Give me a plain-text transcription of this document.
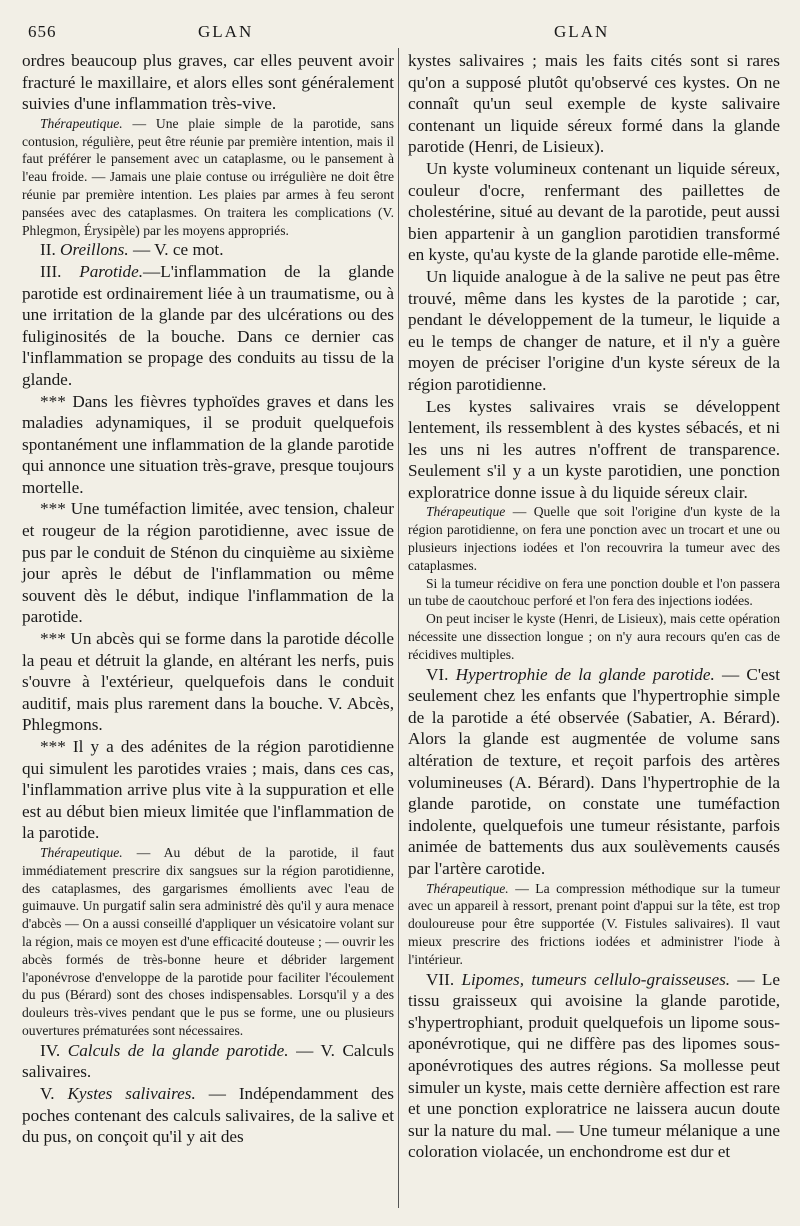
656	GLAN	GLAN

ordres beaucoup plus graves, car elles peuvent avoir fracturé le maxillaire, et alors elles sont généralement suivies d'une inflammation très-vive.

Thérapeutique. — Une plaie simple de la parotide, sans contusion, régulière, peut être réunie par première intention, mais il faut préférer le pansement avec un cataplasme, ou le pansement à l'eau froide. — Jamais une plaie contuse ou irrégulière ne doit être réunie par première intention. Les plaies par armes à feu seront pansées avec des cataplasmes. On traitera les complications (V. Phlegmon, Érysipèle) par les moyens appropriés.

II. Oreillons. — V. ce mot.

III. Parotide.—L'inflammation de la glande parotide est ordinairement liée à un traumatisme, ou à une irritation de la glande par des ulcérations ou des fuliginosités de la bouche. Dans ce dernier cas l'inflammation se propage des conduits au tissu de la glande.

*** Dans les fièvres typhoïdes graves et dans les maladies adynamiques, il se produit quelquefois spontanément une inflammation de la glande parotide qui annonce une situation très-grave, presque toujours mortelle.

*** Une tuméfaction limitée, avec tension, chaleur et rougeur de la région parotidienne, avec issue de pus par le conduit de Sténon du cinquième au sixième jour après le début de l'inflammation ou même souvent dès le début, indique l'inflammation de la parotide.

*** Un abcès qui se forme dans la parotide décolle la peau et détruit la glande, en altérant les nerfs, puis s'ouvre à l'extérieur, quelquefois dans le conduit auditif, mais plus rarement dans la bouche. V. Abcès, Phlegmons.

*** Il y a des adénites de la région parotidienne qui simulent les parotides vraies ; mais, dans ces cas, l'inflammation arrive plus vite à la suppuration et elle est au début bien mieux limitée que l'inflammation de la parotide.

Thérapeutique. — Au début de la parotide, il faut immédiatement prescrire dix sangsues sur la région parotidienne, des cataplasmes, des gargarismes émollients avec l'eau de guimauve. Un purgatif salin sera administré dès qu'il y aura menace d'abcès — On a aussi conseillé d'appliquer un vésicatoire volant sur la région, mais ce moyen est d'une efficacité douteuse ; — ouvrir les abcès formés de très-bonne heure et débrider largement l'aponévrose d'enveloppe de la parotide pour faciliter l'écoulement du pus (Bérard) sont des choses indispensables. Lorsqu'il y a des douleurs très-vives pendant que le pus se forme, une ou plusieurs ouvertures prématurées sont nécessaires.

IV. Calculs de la glande parotide. — V. Calculs salivaires.

V. Kystes salivaires. — Indépendamment des poches contenant des calculs salivaires, de la salive et du pus, on conçoit qu'il y ait des

kystes salivaires ; mais les faits cités sont si rares qu'on a supposé plutôt qu'observé ces kystes. On ne connaît qu'un seul exemple de kyste salivaire contenant un liquide séreux formé dans la glande parotide (Henri, de Lisieux).

Un kyste volumineux contenant un liquide séreux, couleur d'ocre, renfermant des paillettes de cholestérine, situé au devant de la parotide, peut aussi bien appartenir à un ganglion parotidien transformé en kyste, qu'au kyste de la glande parotide elle-même.

Un liquide analogue à de la salive ne peut pas être trouvé, même dans les kystes de la parotide ; car, pendant le développement de la tumeur, le liquide a eu le temps de changer de nature, et il n'y a guère moyen de préciser l'origine d'un kyste séreux de la région parotidienne.

Les kystes salivaires vrais se développent lentement, ils ressemblent à des kystes sébacés, et ni les uns ni les autres n'offrent de transparence. Seulement s'il y a un kyste parotidien, une ponction exploratrice donne issue à du liquide séreux clair.

Thérapeutique — Quelle que soit l'origine d'un kyste de la région parotidienne, on fera une ponction avec un trocart et une ou plusieurs injections iodées et l'on recouvrira la tumeur avec des cataplasmes.

Si la tumeur récidive on fera une ponction double et l'on passera un tube de caoutchouc perforé et l'on fera des injections iodées.

On peut inciser le kyste (Henri, de Lisieux), mais cette opération nécessite une dissection longue ; on n'y aura recours qu'en cas de récidives multiples.

VI. Hypertrophie de la glande parotide. — C'est seulement chez les enfants que l'hypertrophie simple de la parotide a été observée (Sabatier, A. Bérard). Alors la glande est augmentée de volume sans altération de texture, et reçoit parfois des artères volumineuses (A. Bérard). Dans l'hypertrophie de la glande parotide, on constate une tuméfaction indolente, quelquefois une tumeur résistante, parfois animée de battements dus aux soulèvements causés par l'artère carotide.

Thérapeutique. — La compression méthodique sur la tumeur avec un appareil à ressort, prenant point d'appui sur la tête, est trop douloureuse pour être supportée (V. Fistules salivaires). Il vaut mieux prescrire des frictions iodées et administrer l'iode à l'intérieur.

VII. Lipomes, tumeurs cellulo-graisseuses. — Le tissu graisseux qui avoisine la glande parotide, s'hypertrophiant, produit quelquefois un lipome sous-aponévrotique, qui ne diffère pas des lipomes sous-aponévrotiques des autres régions. Sa mollesse peut simuler un kyste, mais cette dernière affection est rare et une ponction exploratrice ne laissera aucun doute sur la nature du mal. — Une tumeur mélanique a une coloration violacée, un enchondrome est dur et
